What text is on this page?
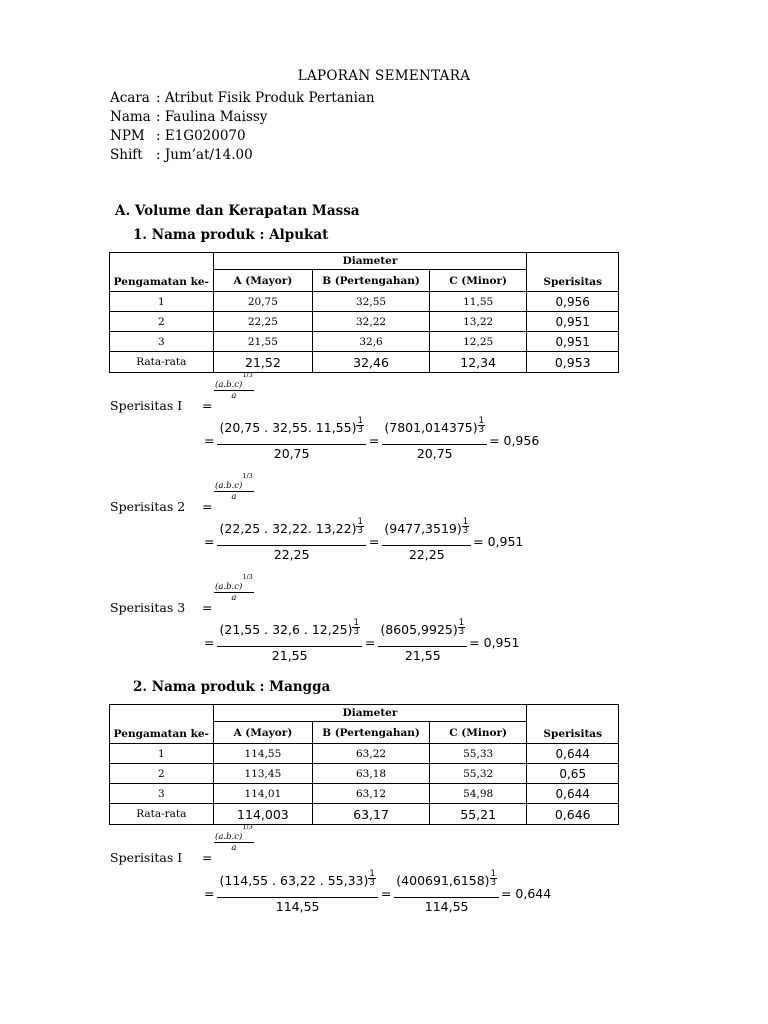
LAPORAN SEMENTARA
Acara : Atribut Fisik Produk Pertanian
Nama : Faulina Maissy
NPM : E1G020070
Shift : Jum’at/14.00
A. Volume dan Kerapatan Massa
1. Nama produk : Alpukat
Pengamatan ke-	Diameter			Sperisitas
	A (Mayor)	B (Pertengahan)	C (Minor)	
1	20,75	32,55	11,55	0,956
2	22,25	32,22	13,22	0,951
3	21,55	32,6	12,25	0,951
Rata-rata	21,52	32,46	12,34	0,953
Sperisitas I =
$\frac{(a.b.c)^{1/3}}{a}$
= $\frac{(20,75 . 32,55. 11,55) \frac{1}{3}}{20,75} = \frac{(7801,014375) \frac{1}{3}}{20,75} = 0,956$
Sperisitas 2 =
$\frac{(a.b.c)^{1/3}}{a}$
= $\frac{(22,25 . 32,22. 13,22) \frac{1}{3}}{22,25} = \frac{(9477,3519) \frac{1}{3}}{22,25} = 0,951$
Sperisitas 3 =
$\frac{(a.b.c)^{1/3}}{a}$
= $\frac{(21,55 . 32,6 . 12,25) \frac{1}{3}}{21,55} = \frac{(8605,9925) \frac{1}{3}}{21,55} = 0,951$
2. Nama produk : Mangga
Pengamatan ke-	Diameter			Sperisitas
	A (Mayor)	B (Pertengahan)	C (Minor)	
1	114,55	63,22	55,33	0,644
2	113,45	63,18	55,32	0,65
3	114,01	63,12	54,98	0,644
Rata-rata	114,003	63,17	55,21	0,646
Sperisitas I =
$\frac{(a.b.c)^{1/3}}{a}$
= $\frac{(114,55 . 63,22 . 55,33) \frac{1}{3}}{114,55} = \frac{(400691,6158) \frac{1}{3}}{114,55} = 0,644$
